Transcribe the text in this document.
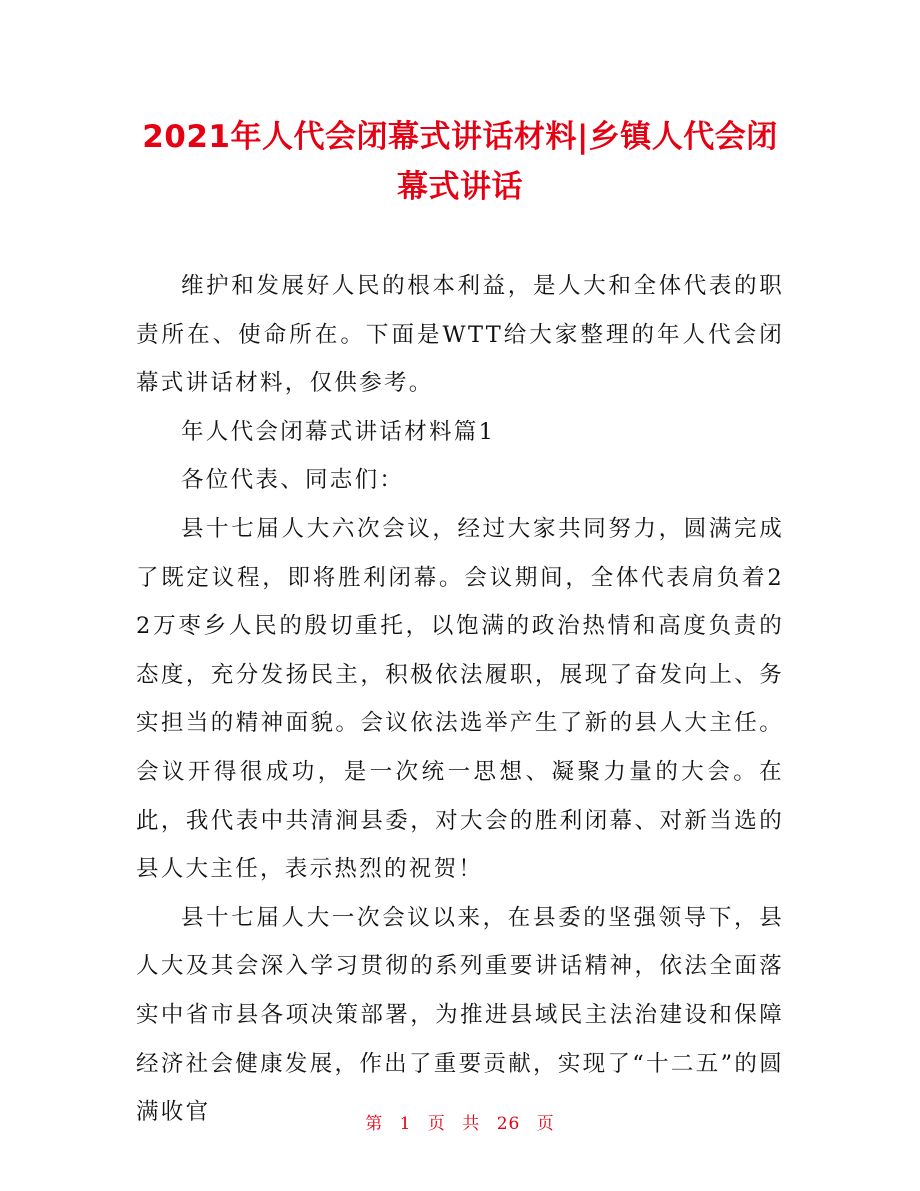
2021年人代会闭幕式讲话材料|乡镇人代会闭
幕式讲话

维护和发展好人民的根本利益，是人大和全体代表的职责所在、使命所在。下面是WTT给大家整理的年人代会闭幕式讲话材料，仅供参考。

年人代会闭幕式讲话材料篇1

各位代表、同志们：

县十七届人大六次会议，经过大家共同努力，圆满完成了既定议程，即将胜利闭幕。会议期间，全体代表肩负着22万枣乡人民的殷切重托，以饱满的政治热情和高度负责的态度，充分发扬民主，积极依法履职，展现了奋发向上、务实担当的精神面貌。会议依法选举产生了新的县人大主任。会议开得很成功，是一次统一思想、凝聚力量的大会。在此，我代表中共清涧县委，对大会的胜利闭幕、对新当选的县人大主任，表示热烈的祝贺！

县十七届人大一次会议以来，在县委的坚强领导下，县人大及其会深入学习贯彻的系列重要讲话精神，依法全面落实中省市县各项决策部署，为推进县域民主法治建设和保障经济社会健康发展，作出了重要贡献，实现了“十二五”的圆满收官	第 1 页 共 26 页
